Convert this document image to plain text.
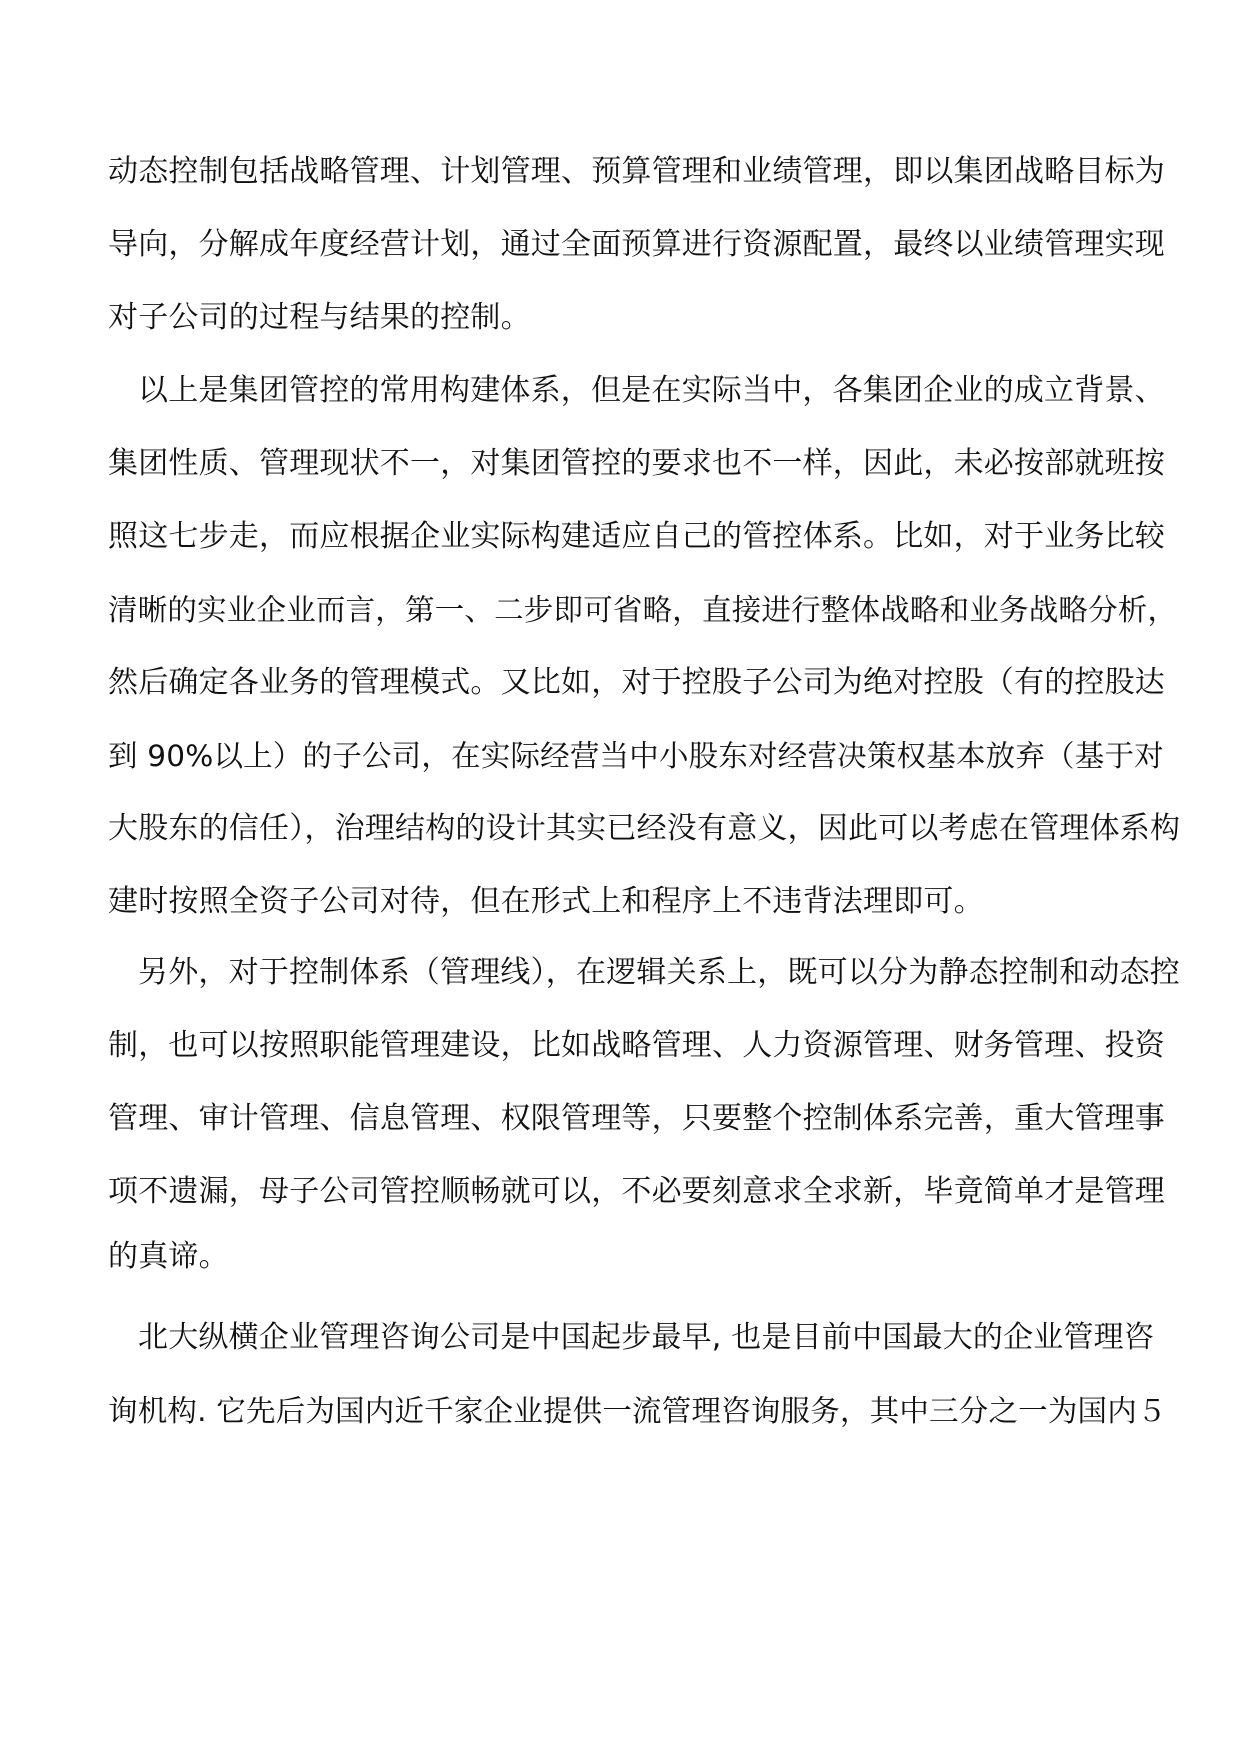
动态控制包括战略管理、计划管理、预算管理和业绩管理，即以集团战略目标为
导向，分解成年度经营计划，通过全面预算进行资源配置，最终以业绩管理实现
对子公司的过程与结果的控制。
以上是集团管控的常用构建体系，但是在实际当中，各集团企业的成立背景、
集团性质、管理现状不一，对集团管控的要求也不一样，因此，未必按部就班按
照这七步走，而应根据企业实际构建适应自己的管控体系。比如，对于业务比较
清晰的实业企业而言，第一、二步即可省略，直接进行整体战略和业务战略分析，
然后确定各业务的管理模式。又比如，对于控股子公司为绝对控股（有的控股达
到 90%以上）的子公司，在实际经营当中小股东对经营决策权基本放弃（基于对
大股东的信任），治理结构的设计其实已经没有意义，因此可以考虑在管理体系构
建时按照全资子公司对待，但在形式上和程序上不违背法理即可。
另外，对于控制体系（管理线），在逻辑关系上，既可以分为静态控制和动态控
制，也可以按照职能管理建设，比如战略管理、人力资源管理、财务管理、投资
管理、审计管理、信息管理、权限管理等，只要整个控制体系完善，重大管理事
项不遗漏，母子公司管控顺畅就可以，不必要刻意求全求新，毕竟简单才是管理
的真谛。
北大纵横企业管理咨询公司是中国起步最早, 也是目前中国最大的企业管理咨
询机构. 它先后为国内近千家企业提供一流管理咨询服务，其中三分之一为国内５
